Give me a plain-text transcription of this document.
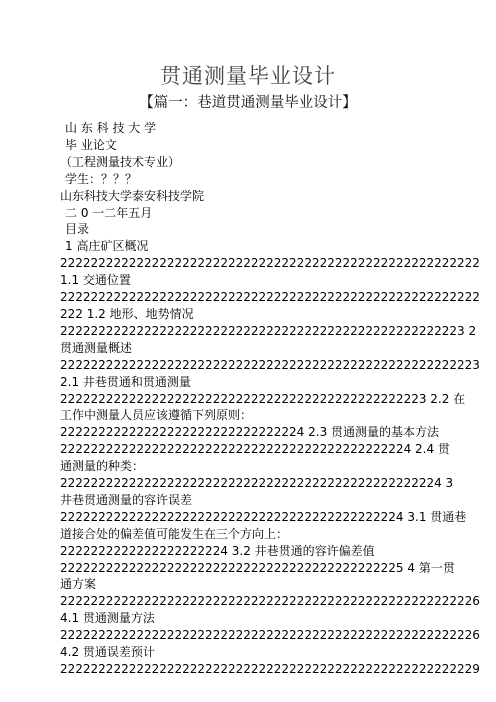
贯通测量毕业设计
【篇一：巷道贯通测量毕业设计】
山 东 科 技 大 学
毕 业论文
（工程测量技术专业）
学生：？？？
山东科技大学泰安科技学院
二 0 一二年五月
目录
1 高庄矿区概况
2222222222222222222222222222222222222222222222222222222
1.1 交通位置
2222222222222222222222222222222222222222222222222222222
222 1.2 地形、地势情况
22222222222222222222222222222222222222222222222222223 2
贯通测量概述
2222222222222222222222222222222222222222222222222222223
2.1 井巷贯通和贯通测量
222222222222222222222222222222222222222222222223 2.2 在
工作中测量人员应该遵循下列原则：
22222222222222222222222222222224 2.3 贯通测量的基本方法
2222222222222222222222222222222222222222222224 2.4 贯
通测量的种类：
22222222222222222222222222222222222222222222222224 3
井巷贯通测量的容许误差
222222222222222222222222222222222222222222224 3.1 贯通巷
道接合处的偏差值可能发生在三个方向上：
2222222222222222222224 3.2 井巷贯通的容许偏差值
222222222222222222222222222222222222222222225 4 第一贯
通方案
2222222222222222222222222222222222222222222222222222226
4.1 贯通测量方法
2222222222222222222222222222222222222222222222222222226
4.2 贯通误差预计
2222222222222222222222222222222222222222222222222222229
